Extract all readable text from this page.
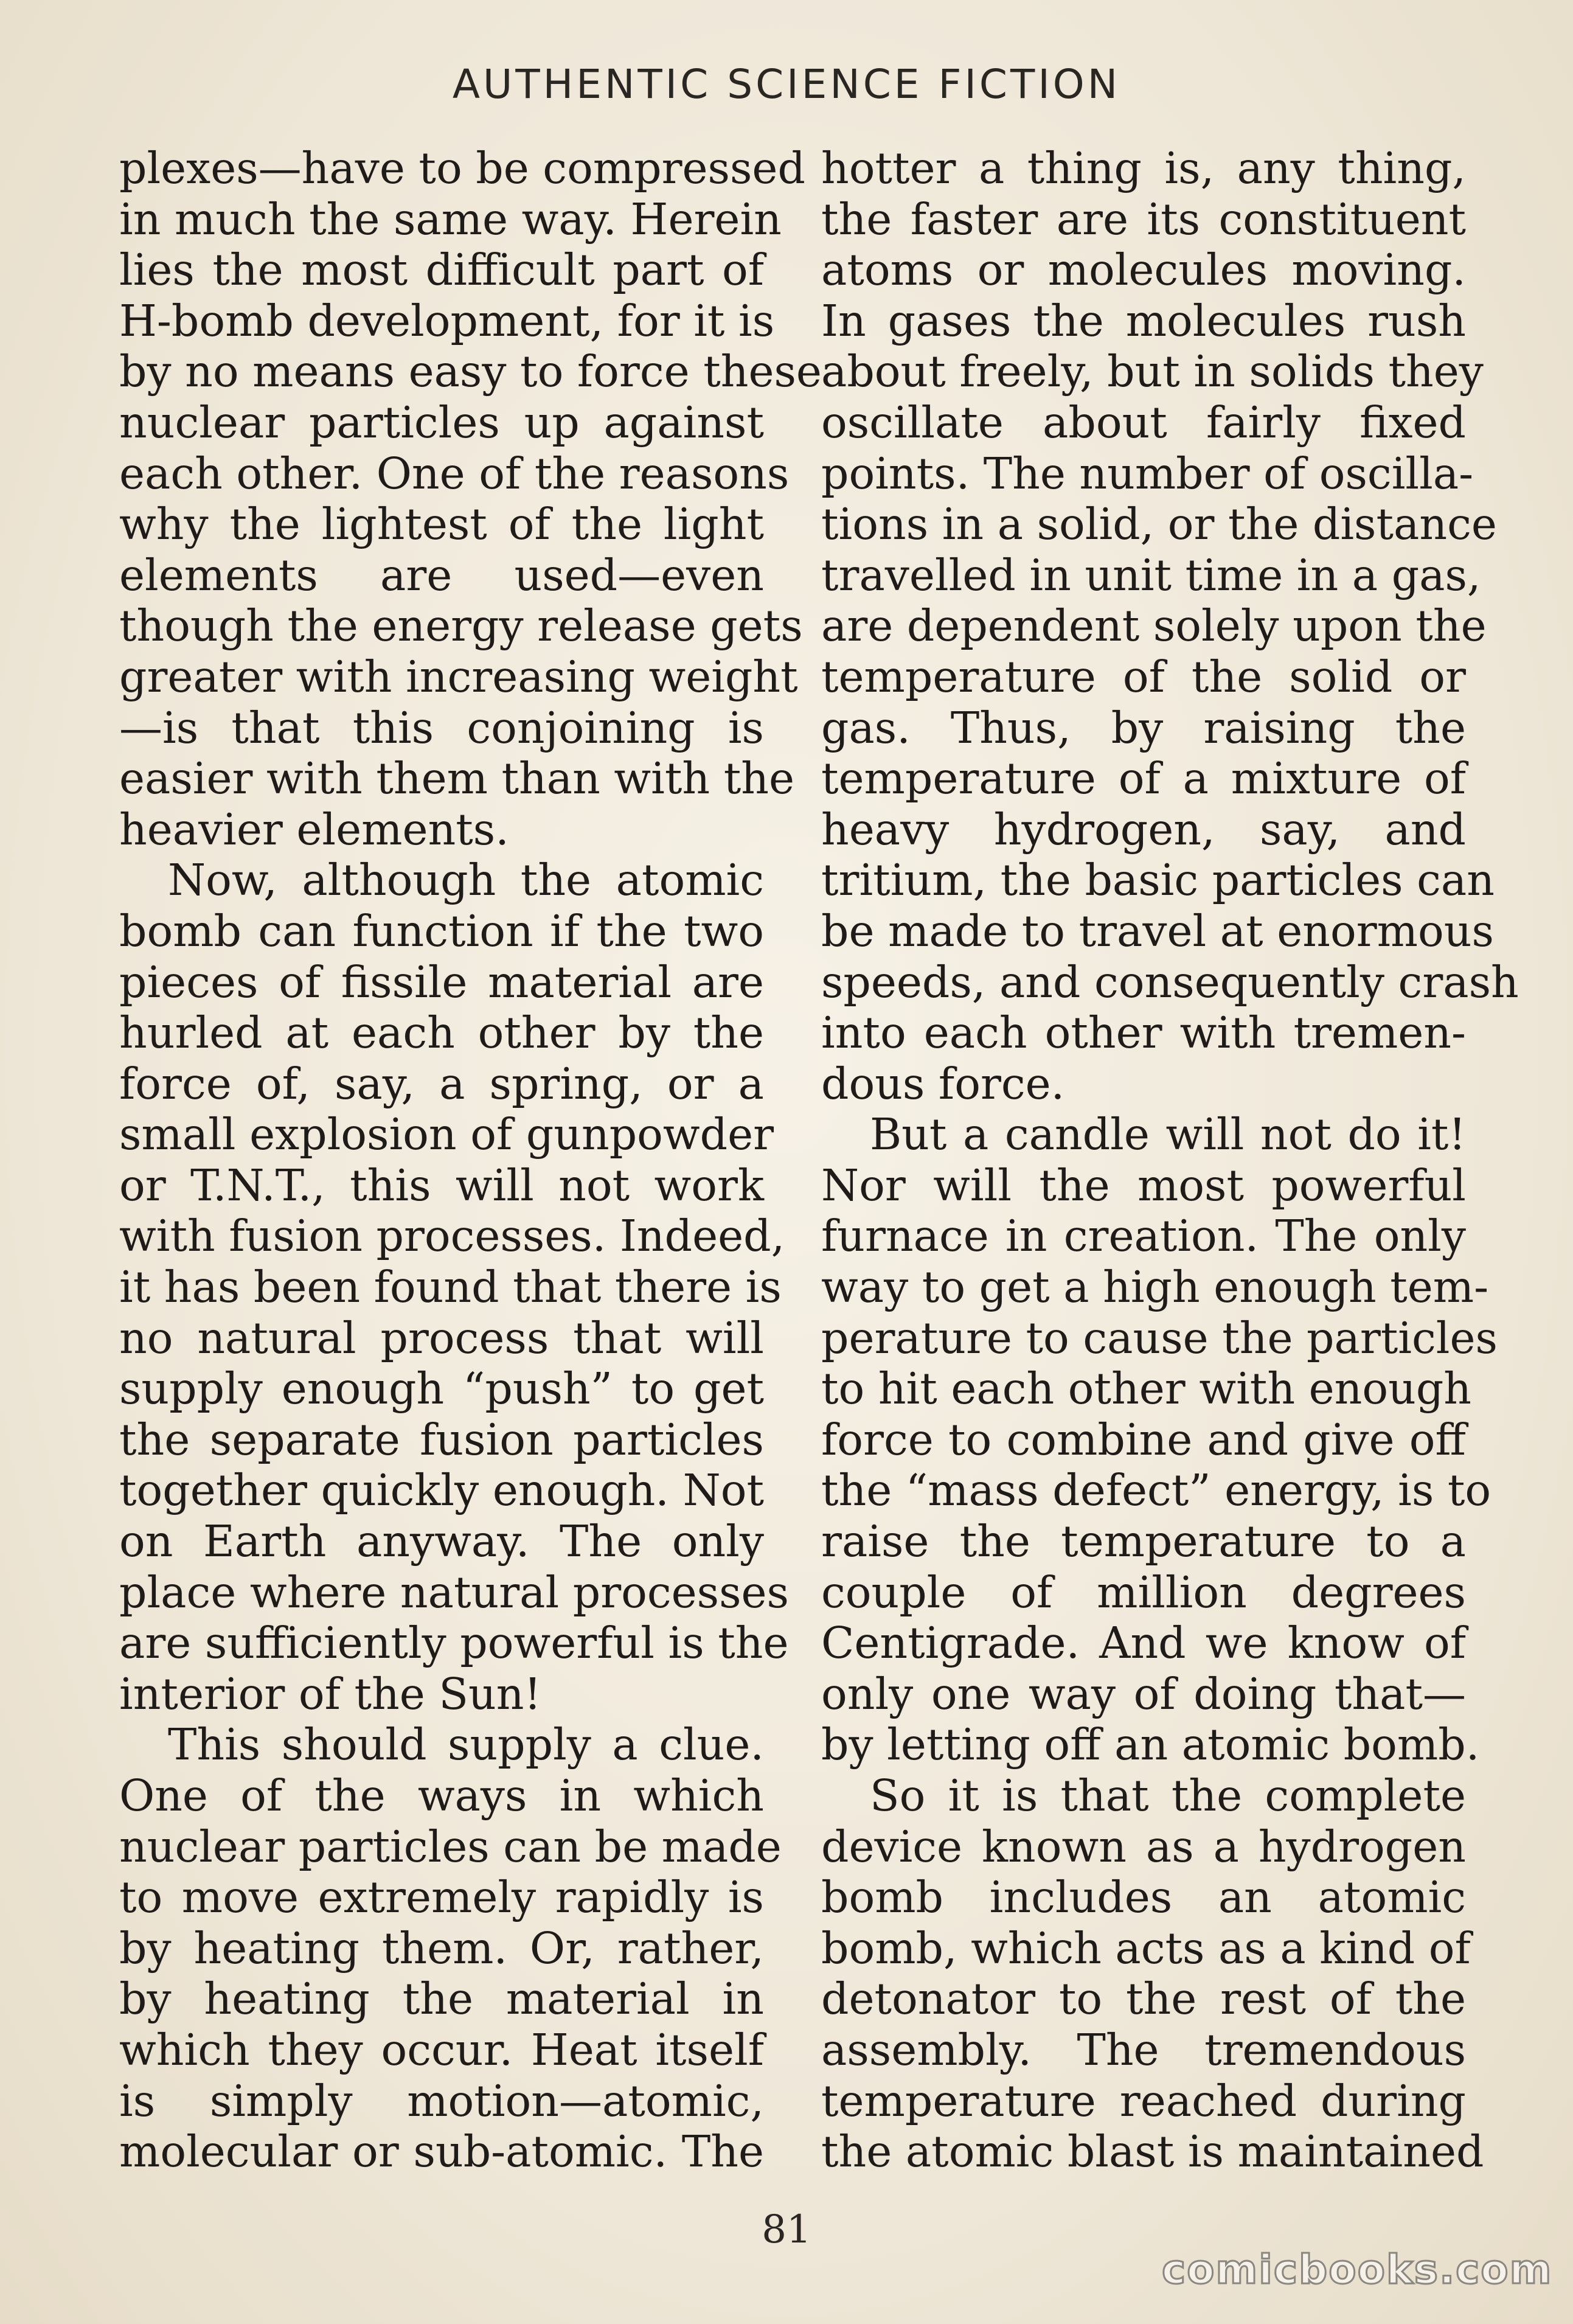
AUTHENTIC SCIENCE FICTION
plexes—have to be compressed
in much the same way. Herein
lies the most difficult part of
H-bomb development, for it is
by no means easy to force these
nuclear particles up against
each other. One of the reasons
why the lightest of the light
elements are used—even
though the energy release gets
greater with increasing weight
—is that this conjoining is
easier with them than with the
heavier elements.
Now, although the atomic
bomb can function if the two
pieces of fissile material are
hurled at each other by the
force of, say, a spring, or a
small explosion of gunpowder
or T.N.T., this will not work
with fusion processes. Indeed,
it has been found that there is
no natural process that will
supply enough “push” to get
the separate fusion particles
together quickly enough. Not
on Earth anyway. The only
place where natural processes
are sufficiently powerful is the
interior of the Sun!
This should supply a clue.
One of the ways in which
nuclear particles can be made
to move extremely rapidly is
by heating them. Or, rather,
by heating the material in
which they occur. Heat itself
is simply motion—atomic,
molecular or sub-atomic. The
hotter a thing is, any thing,
the faster are its constituent
atoms or molecules moving.
In gases the molecules rush
about freely, but in solids they
oscillate about fairly fixed
points. The number of oscilla-
tions in a solid, or the distance
travelled in unit time in a gas,
are dependent solely upon the
temperature of the solid or
gas. Thus, by raising the
temperature of a mixture of
heavy hydrogen, say, and
tritium, the basic particles can
be made to travel at enormous
speeds, and consequently crash
into each other with tremen-
dous force.
But a candle will not do it!
Nor will the most powerful
furnace in creation. The only
way to get a high enough tem-
perature to cause the particles
to hit each other with enough
force to combine and give off
the “mass defect” energy, is to
raise the temperature to a
couple of million degrees
Centigrade. And we know of
only one way of doing that—
by letting off an atomic bomb.
So it is that the complete
device known as a hydrogen
bomb includes an atomic
bomb, which acts as a kind of
detonator to the rest of the
assembly. The tremendous
temperature reached during
the atomic blast is maintained
81
comicbooks.com
